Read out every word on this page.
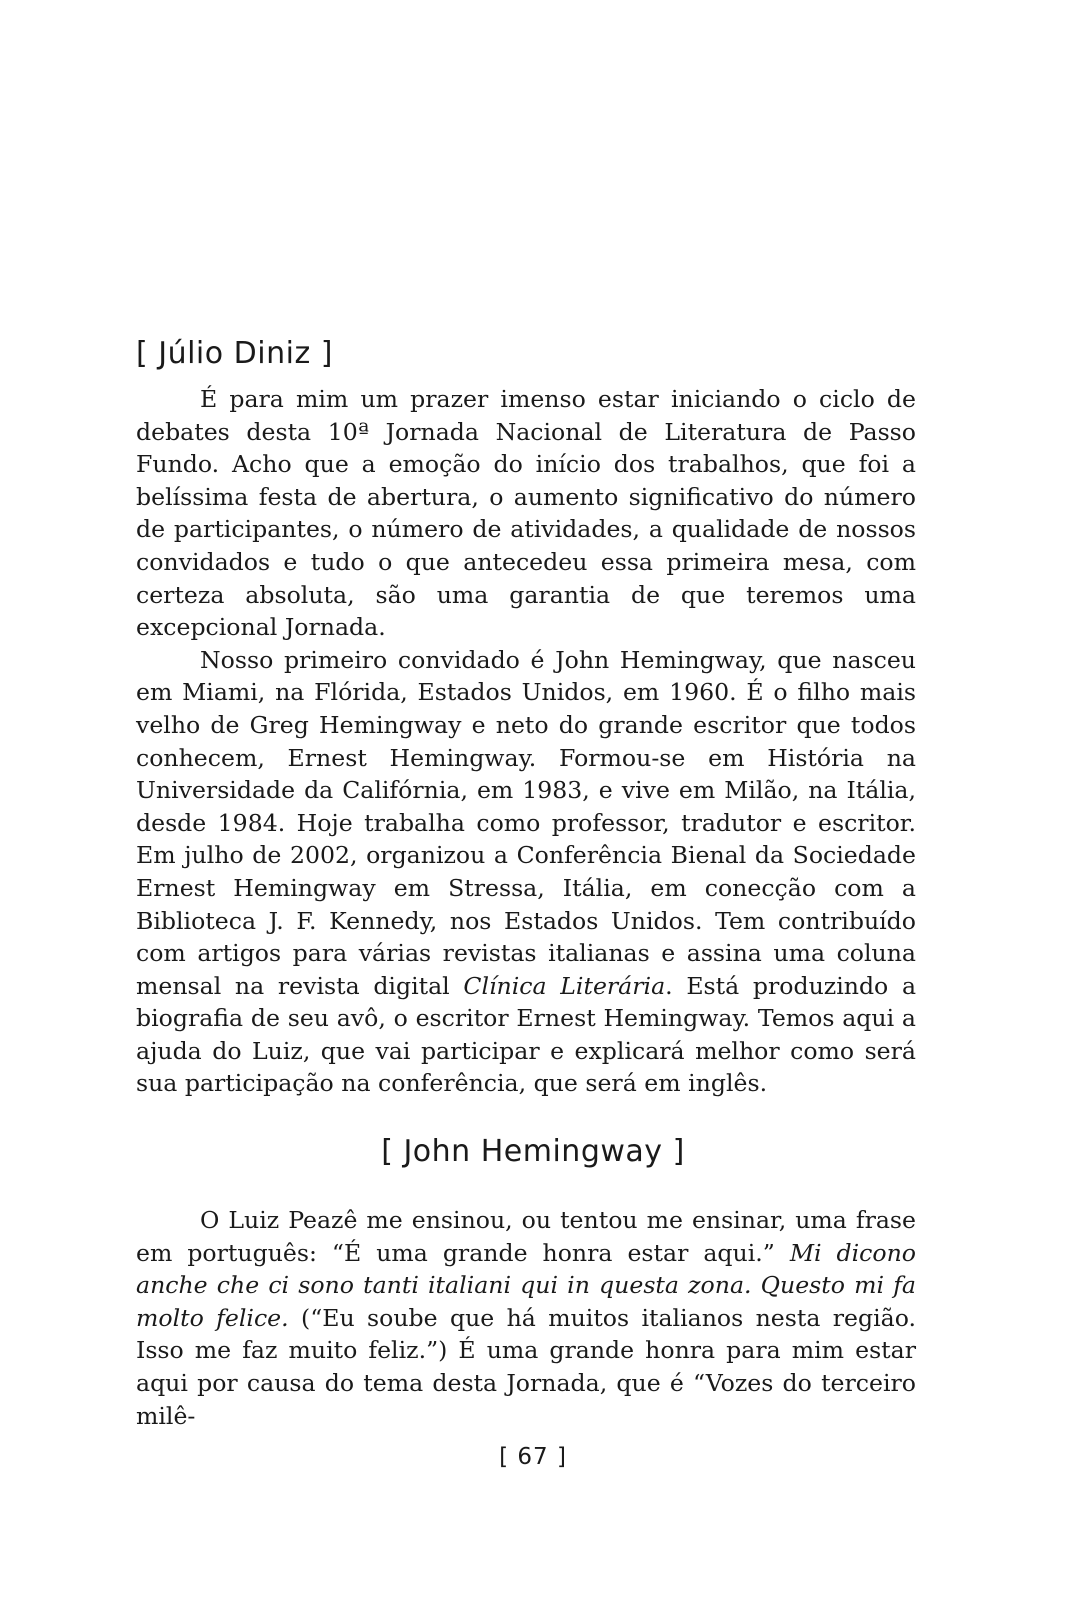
[ Júlio Diniz ]

É para mim um prazer imenso estar iniciando o ciclo de debates desta 10ª Jornada Nacional de Literatura de Passo Fundo. Acho que a emoção do início dos trabalhos, que foi a belíssima festa de abertura, o aumento significativo do número de participantes, o número de atividades, a qualidade de nossos convidados e tudo o que antecedeu essa primeira mesa, com certeza absoluta, são uma garantia de que teremos uma excepcional Jornada.

Nosso primeiro convidado é John Hemingway, que nasceu em Miami, na Flórida, Estados Unidos, em 1960. É o filho mais velho de Greg Hemingway e neto do grande escritor que todos conhecem, Ernest Hemingway. Formou-se em História na Universidade da Califórnia, em 1983, e vive em Milão, na Itália, desde 1984. Hoje trabalha como professor, tradutor e escritor. Em julho de 2002, organizou a Conferência Bienal da Sociedade Ernest Hemingway em Stressa, Itália, em conecção com a Biblioteca J. F. Kennedy, nos Estados Unidos. Tem contribuído com artigos para várias revistas italianas e assina uma coluna mensal na revista digital Clínica Literária. Está produzindo a biografia de seu avô, o escritor Ernest Hemingway. Temos aqui a ajuda do Luiz, que vai participar e explicará melhor como será sua participação na conferência, que será em inglês.

[ John Hemingway ]

O Luiz Peazê me ensinou, ou tentou me ensinar, uma frase em português: “É uma grande honra estar aqui.” Mi dicono anche che ci sono tanti italiani qui in questa zona. Questo mi fa molto felice. (“Eu soube que há muitos italianos nesta região. Isso me faz muito feliz.”) É uma grande honra para mim estar aqui por causa do tema desta Jornada, que é “Vozes do terceiro milê-

[ 67 ]
